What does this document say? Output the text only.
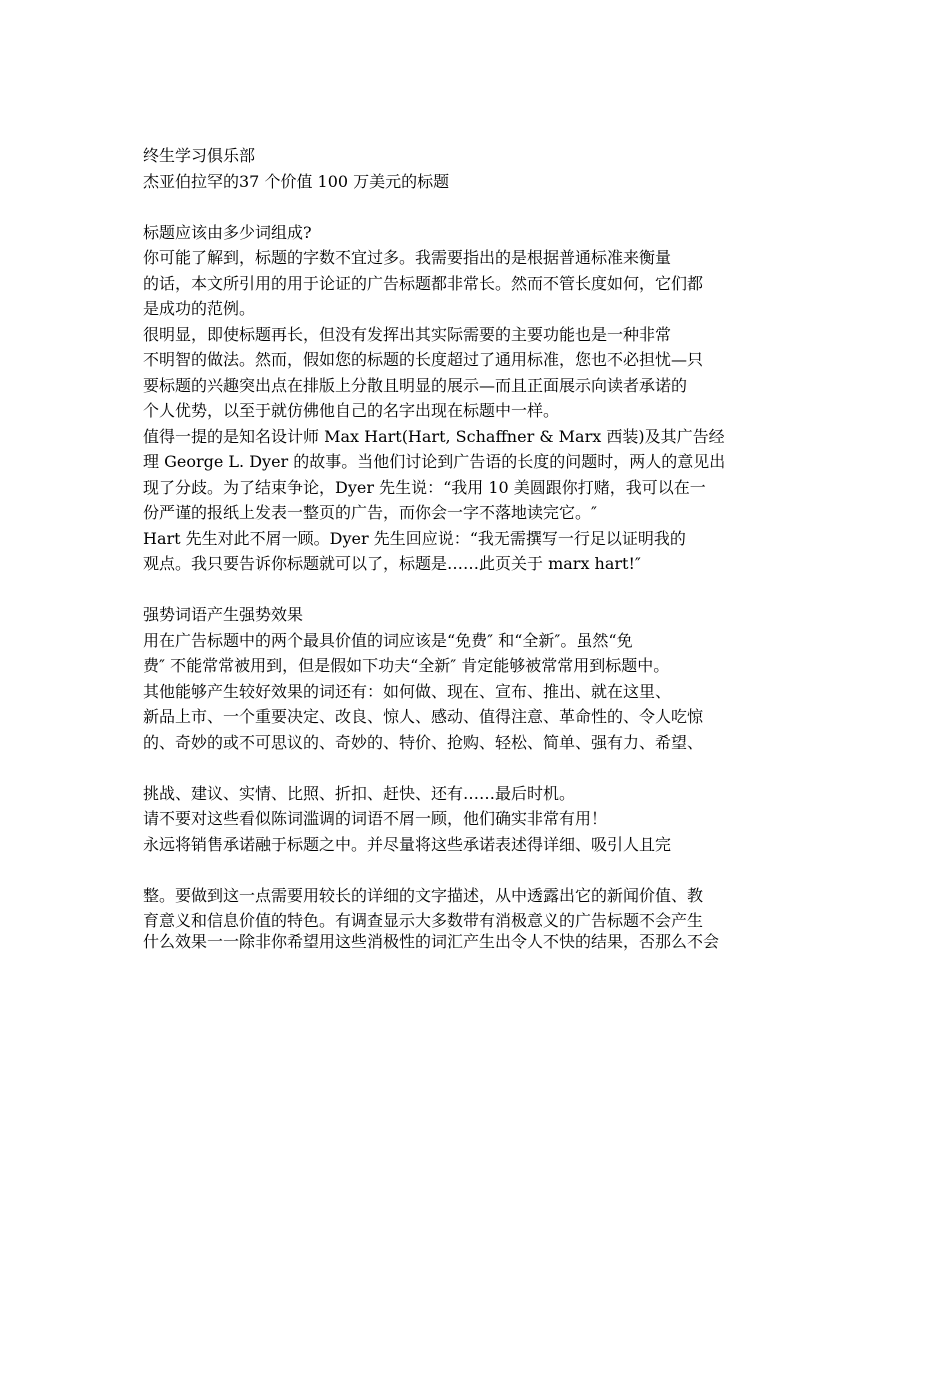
终生学习俱乐部
杰亚伯拉罕的37 个价值 100 万美元的标题
标题应该由多少词组成?
你可能了解到，标题的字数不宜过多。我需要指出的是根据普通标准来衡量
的话，本文所引用的用于论证的广告标题都非常长。然而不管长度如何，它们都
是成功的范例。
很明显，即使标题再长，但没有发挥出其实际需要的主要功能也是一种非常
不明智的做法。然而，假如您的标题的长度超过了通用标准，您也不必担忧—只
要标题的兴趣突出点在排版上分散且明显的展示—而且正面展示向读者承诺的
个人优势，以至于就仿佛他自己的名字出现在标题中一样。
值得一提的是知名设计师 Max Hart(Hart, Schaffner & Marx 西装)及其广告经
理 George L. Dyer 的故事。当他们讨论到广告语的长度的问题时，两人的意见出
现了分歧。为了结束争论，Dyer 先生说：“我用 10 美圆跟你打赌，我可以在一
份严谨的报纸上发表一整页的广告，而你会一字不落地读完它。″
Hart 先生对此不屑一顾。Dyer 先生回应说：“我无需撰写一行足以证明我的
观点。我只要告诉你标题就可以了，标题是……此页关于 marx hart!″
强势词语产生强势效果
用在广告标题中的两个最具价值的词应该是“免费″ 和“全新″。虽然“免
费″ 不能常常被用到，但是假如下功夫“全新″ 肯定能够被常常用到标题中。
其他能够产生较好效果的词还有：如何做、现在、宣布、推出、就在这里、
新品上市、一个重要决定、改良、惊人、感动、值得注意、革命性的、令人吃惊
的、奇妙的或不可思议的、奇妙的、特价、抢购、轻松、简单、强有力、希望、
挑战、建议、实情、比照、折扣、赶快、还有……最后时机。
请不要对这些看似陈词滥调的词语不屑一顾，他们确实非常有用！
永远将销售承诺融于标题之中。并尽量将这些承诺表述得详细、吸引人且完
整。要做到这一点需要用较长的详细的文字描述，从中透露出它的新闻价值、教
育意义和信息价值的特色。有调查显示大多数带有消极意义的广告标题不会产生
什么效果一一除非你希望用这些消极性的词汇产生出令人不快的结果，否那么不会
